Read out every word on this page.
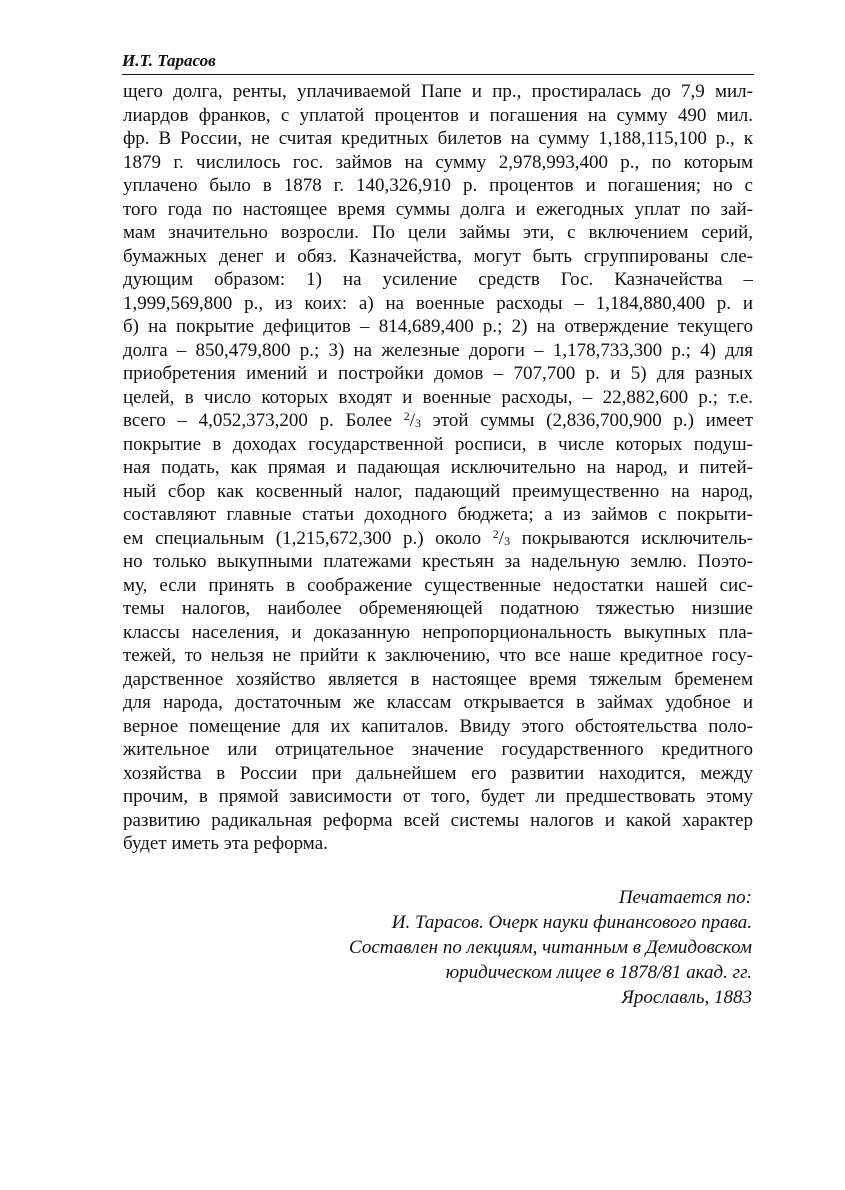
И.Т. Тарасов
щего долга, ренты, уплачиваемой Папе и пр., простиралась до 7,9 мил-
лиардов франков, с уплатой процентов и погашения на сумму 490 мил.
фр. В России, не считая кредитных билетов на сумму 1,188,115,100 р., к
1879 г. числилось гос. займов на сумму 2,978,993,400 р., по которым
уплачено было в 1878 г. 140,326,910 р. процентов и погашения; но с
того года по настоящее время суммы долга и ежегодных уплат по зай-
мам значительно возросли. По цели займы эти, с включением серий,
бумажных денег и обяз. Казначейства, могут быть сгруппированы сле-
дующим образом: 1) на усиление средств Гос. Казначейства –
1,999,569,800 р., из коих: а) на военные расходы – 1,184,880,400 р. и
б) на покрытие дефицитов – 814,689,400 р.; 2) на отверждение текущего
долга – 850,479,800 р.; 3) на железные дороги – 1,178,733,300 р.; 4) для
приобретения имений и постройки домов – 707,700 р. и 5) для разных
целей, в число которых входят и военные расходы, – 22,882,600 р.; т.е.
всего – 4,052,373,200 р. Более $^2/_3$ этой суммы (2,836,700,900 р.) имеет
покрытие в доходах государственной росписи, в числе которых подуш-
ная подать, как прямая и падающая исключительно на народ, и питей-
ный сбор как косвенный налог, падающий преимущественно на народ,
составляют главные статьи доходного бюджета; а из займов с покрыти-
ем специальным (1,215,672,300 р.) около $^2/_3$ покрываются исключитель-
но только выкупными платежами крестьян за надельную землю. Поэто-
му, если принять в соображение существенные недостатки нашей сис-
темы налогов, наиболее обременяющей податною тяжестью низшие
классы населения, и доказанную непропорциональность выкупных пла-
тежей, то нельзя не прийти к заключению, что все наше кредитное госу-
дарственное хозяйство является в настоящее время тяжелым бременем
для народа, достаточным же классам открывается в займах удобное и
верное помещение для их капиталов. Ввиду этого обстоятельства поло-
жительное или отрицательное значение государственного кредитного
хозяйства в России при дальнейшем его развитии находится, между
прочим, в прямой зависимости от того, будет ли предшествовать этому
развитию радикальная реформа всей системы налогов и какой характер
будет иметь эта реформа.
Печатается по:
И. Тарасов. Очерк науки финансового права.
Составлен по лекциям, читанным в Демидовском
юридическом лицее в 1878/81 акад. гг.
Ярославль, 1883
